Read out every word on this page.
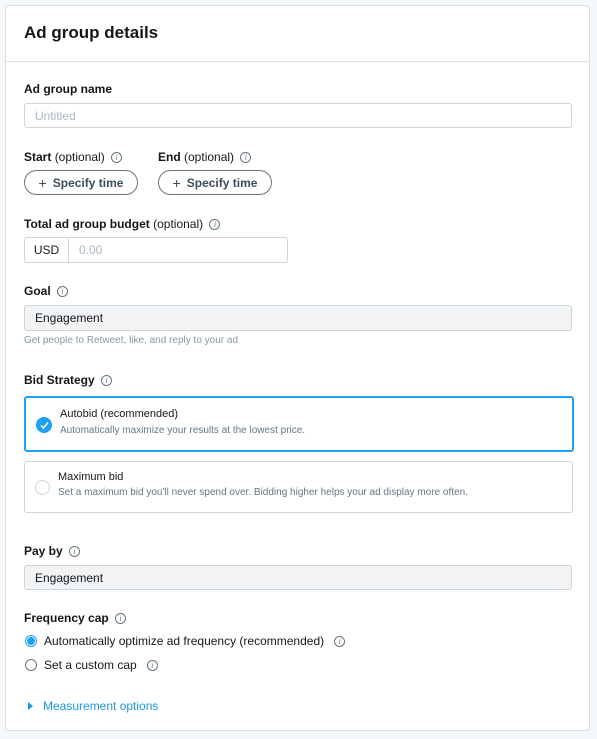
Ad group details
Ad group name
Untitled
Start (optional) i
+ Specify time
End (optional) i
+ Specify time
Total ad group budget (optional) i
USD	0.00
Goal i
Engagement
Get people to Retweet, like, and reply to your ad
Bid Strategy i
Autobid (recommended)
Automatically maximize your results at the lowest price.
Maximum bid
Set a maximum bid you'll never spend over. Bidding higher helps your ad display more often.
Pay by i
Engagement
Frequency cap i
Automatically optimize ad frequency (recommended)	i
Set a custom cap	i
Measurement options
